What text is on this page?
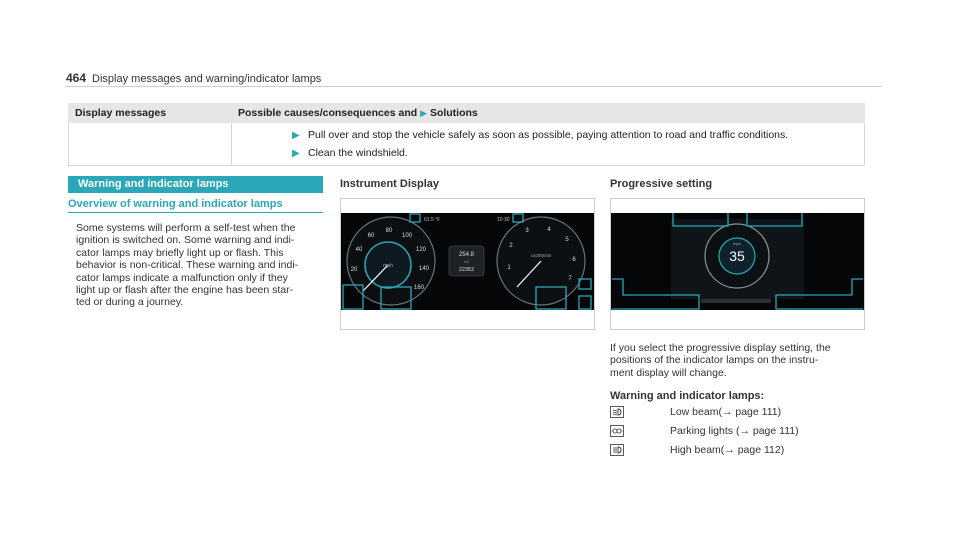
464 Display messages and warning/indicator lamps
Display messages	Possible causes/consequences and ▶ Solutions

	▶ Pull over and stop the vehicle safely as soon as possible, paying attention to road and traffic conditions.
▶ Clean the windshield.
Warning and indicator lamps
Overview of warning and indicator lamps
Some systems will perform a self-test when the
ignition is switched on. Some warning and indi-
cator lamps may briefly light up or flash. This
behavior is non-critical. These warning and indi-
cator lamps indicate a malfunction only if they
light up or flash after the engine has been star-
ted or during a journey.
Instrument Display
mph
20
40
60
80
100
120
140
160
x1000/min
1
2
3	4
5
6
7
254.8
mi
22352
61.5 °F	10:30
Progressive setting
35
mph
If you select the progressive display setting, the
positions of the indicator lamps on the instru-
ment display will change.
Warning and indicator lamps:
Low beam(→ page 111)
Parking lights (→ page 111)
High beam(→ page 112)
